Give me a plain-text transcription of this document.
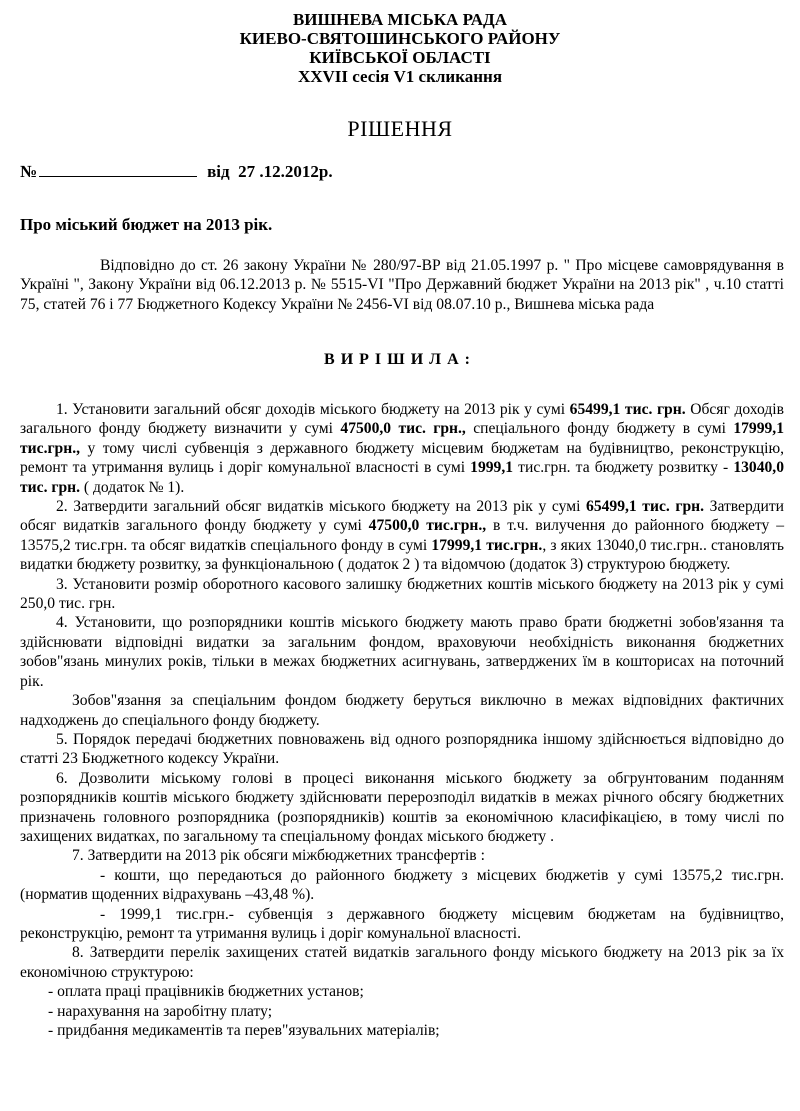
ВИШНЕВА МІСЬКА РАДА
КИЕВО-СВЯТОШИНСЬКОГО РАЙОНУ
КИЇВСЬКОЇ ОБЛАСТІ
XXVII сесія V1 скликання
РІШЕННЯ
№	від 27 .12.2012р.
Про міський бюджет на 2013 рік.

Відповідно до ст. 26 закону України № 280/97-ВР від 21.05.1997 р. " Про місцеве самоврядування в Україні ", Закону України від 06.12.2013 р. № 5515-VI "Про Державний бюджет України на 2013 рік" , ч.10 статті 75, статей 76 і 77 Бюджетного Кодексу України № 2456-VI від 08.07.10 р., Вишнева міська рада

ВИРІШИЛА:

1. Установити загальний обсяг доходів міського бюджету на 2013 рік у сумі 65499,1 тис. грн. Обсяг доходів загального фонду бюджету визначити у сумі 47500,0 тис. грн., спеціального фонду бюджету в сумі 17999,1 тис.грн., у тому числі субвенція з державного бюджету місцевим бюджетам на будівництво, реконструкцію, ремонт та утримання вулиць і доріг комунальної власності в сумі 1999,1 тис.грн. та бюджету розвитку - 13040,0 тис. грн. ( додаток № 1).

2. Затвердити загальний обсяг видатків міського бюджету на 2013 рік у сумі 65499,1 тис. грн. Затвердити обсяг видатків загального фонду бюджету у сумі 47500,0 тис.грн., в т.ч. вилучення до районного бюджету – 13575,2 тис.грн. та обсяг видатків спеціального фонду в сумі 17999,1 тис.грн., з яких 13040,0 тис.грн.. становлять видатки бюджету розвитку, за функціональною ( додаток 2 ) та відомчою (додаток 3) структурою бюджету.

3. Установити розмір оборотного касового залишку бюджетних коштів міського бюджету на 2013 рік у сумі 250,0 тис. грн.

4. Установити, що розпорядники коштів міського бюджету мають право брати бюджетні зобов'язання та здійснювати відповідні видатки за загальним фондом, враховуючи необхідність виконання бюджетних зобов"язань минулих років, тільки в межах бюджетних асигнувань, затверджених їм в кошторисах на поточний рік.

Зобов"язання за спеціальним фондом бюджету беруться виключно в межах відповідних фактичних надходжень до спеціального фонду бюджету.

5. Порядок передачі бюджетних повноважень від одного розпорядника іншому здійснюється відповідно до статті 23 Бюджетного кодексу України.

6. Дозволити міському голові в процесі виконання міського бюджету за обгрунтованим поданням розпорядників коштів міського бюджету здійснювати перерозподіл видатків в межах річного обсягу бюджетних призначень головного розпорядника (розпорядників) коштів за економічною класифікацією, в тому числі по захищених видатках, по загальному та спеціальному фондах міського бюджету .

7. Затвердити на 2013 рік обсяги міжбюджетних трансфертів :

- кошти, що передаються до районного бюджету з місцевих бюджетів у сумі 13575,2 тис.грн. (норматив щоденних відрахувань –43,48 %).

- 1999,1 тис.грн.- субвенція з державного бюджету місцевим бюджетам на будівництво, реконструкцію, ремонт та утримання вулиць і доріг комунальної власності.

8. Затвердити перелік захищених статей видатків загального фонду міського бюджету на 2013 рік за їх економічною структурою:

- оплата праці працівників бюджетних установ;

- нарахування на заробітну плату;

- придбання медикаментів та перев"язувальних матеріалів;
